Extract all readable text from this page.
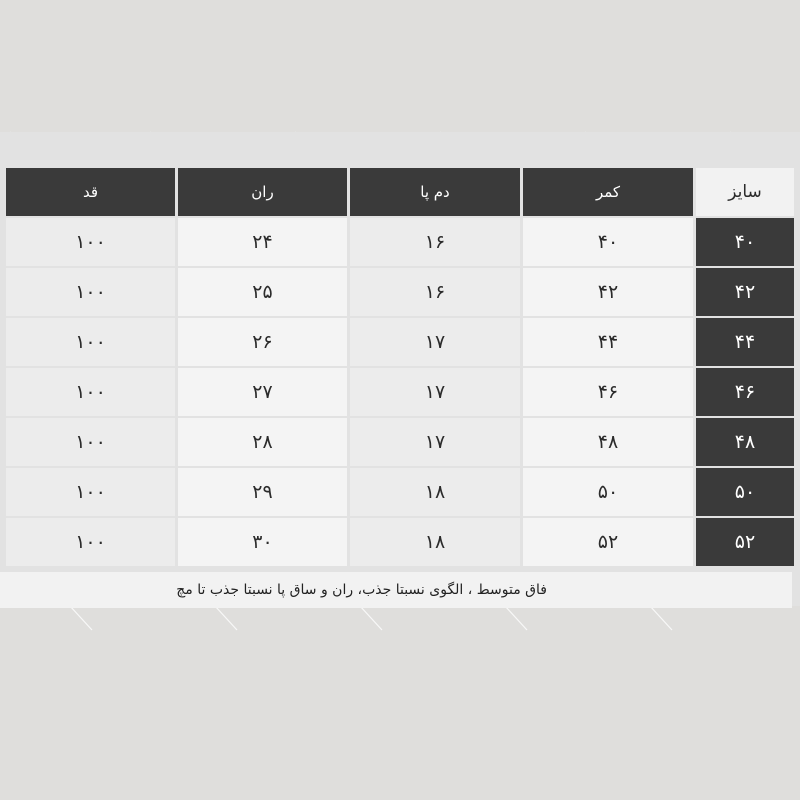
قد	ران	دم پا	کمر	سایز
۱۰۰	۲۴	۱۶	۴۰	۴۰
۱۰۰	۲۵	۱۶	۴۲	۴۲
۱۰۰	۲۶	۱۷	۴۴	۴۴
۱۰۰	۲۷	۱۷	۴۶	۴۶
۱۰۰	۲۸	۱۷	۴۸	۴۸
۱۰۰	۲۹	۱۸	۵۰	۵۰
۱۰۰	۳۰	۱۸	۵۲	۵۲
فاق متوسط ، الگوی نسبتا جذب، ران و ساق پا نسبتا جذب تا مچ
